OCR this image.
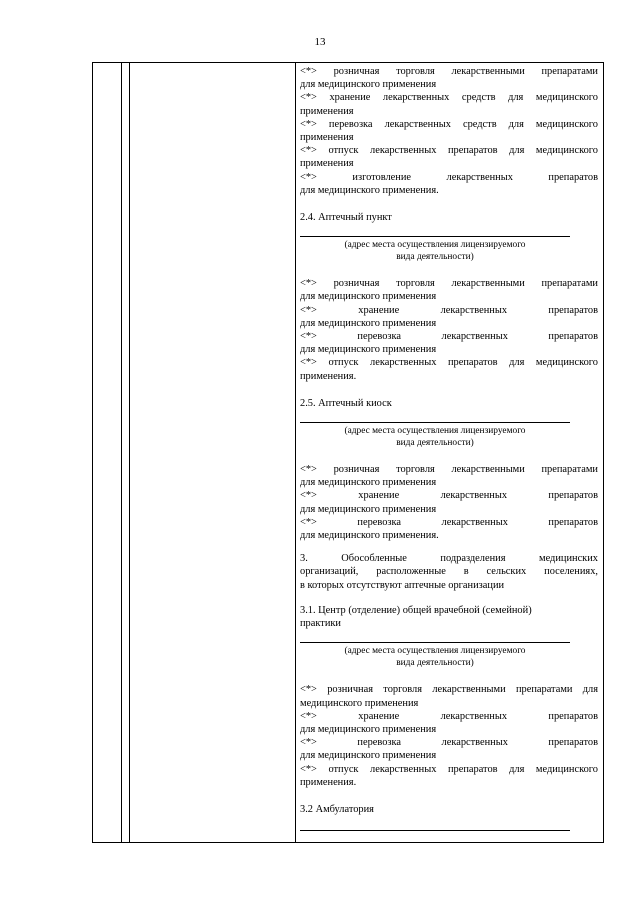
13
<*> розничная торговля лекарственными препаратами
для медицинского применения
<*> хранение лекарственных средств для медицинского
применения
<*> перевозка лекарственных средств для медицинского
применения
<*> отпуск лекарственных препаратов для медицинского
применения
<*> изготовление лекарственных препаратов
для медицинского применения.
2.4. Аптечный пункт
(адрес места осуществления лицензируемого
вида деятельности)
<*> розничная торговля лекарственными препаратами
для медицинского применения
<*> хранение лекарственных препаратов
для медицинского применения
<*> перевозка лекарственных препаратов
для медицинского применения
<*> отпуск лекарственных препаратов для медицинского
применения.
2.5. Аптечный киоск
(адрес места осуществления лицензируемого
вида деятельности)
<*> розничная торговля лекарственными препаратами
для медицинского применения
<*> хранение лекарственных препаратов
для медицинского применения
<*> перевозка лекарственных препаратов
для медицинского применения.
3. Обособленные подразделения медицинских
организаций, расположенные в сельских поселениях,
в которых отсутствуют аптечные организации
3.1. Центр (отделение) общей врачебной (семейной)
практики
(адрес места осуществления лицензируемого
вида деятельности)
<*> розничная торговля лекарственными препаратами для
медицинского применения
<*> хранение лекарственных препаратов
для медицинского применения
<*> перевозка лекарственных препаратов
для медицинского применения
<*> отпуск лекарственных препаратов для медицинского
применения.
3.2 Амбулатория
